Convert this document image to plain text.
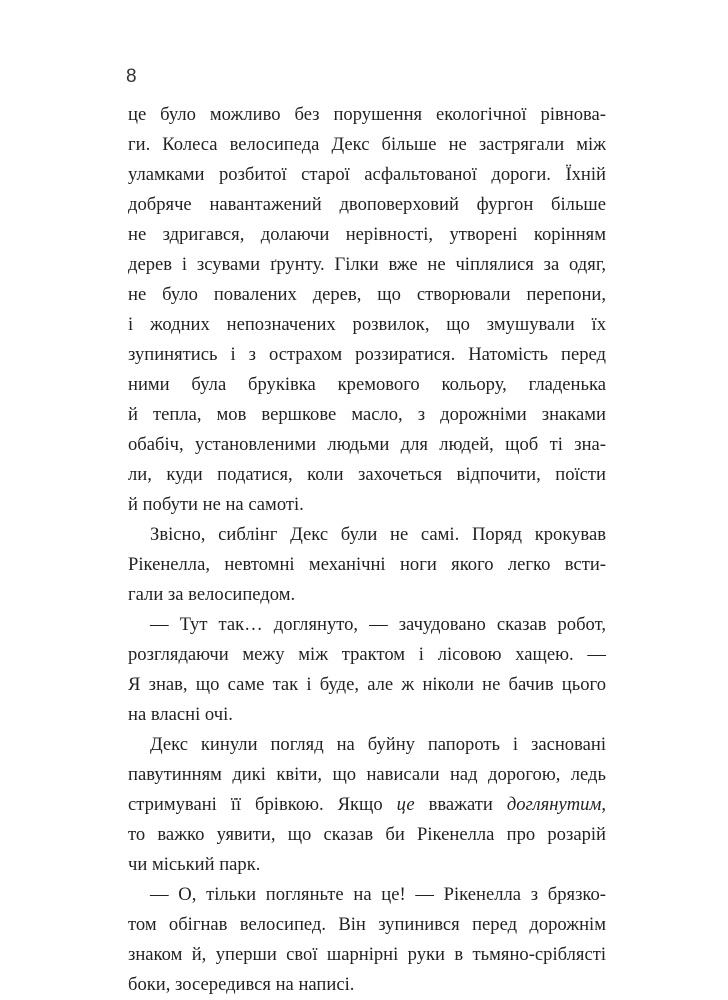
8
це було можливо без порушення екологічної рівнова-
ги. Колеса велосипеда Декс більше не застрягали між
уламками розбитої старої асфальтованої дороги. Їхній
добряче навантажений двоповерховий фургон більше
не здригався, долаючи нерівності, утворені корінням
дерев і зсувами ґрунту. Гілки вже не чіплялися за одяг,
не було повалених дерев, що створювали перепони,
і жодних непозначених розвилок, що змушували їх
зупинятись і з острахом роззиратися. Натомість перед
ними була бруківка кремового кольору, гладенька
й тепла, мов вершкове масло, з дорожніми знаками
обабіч, установленими людьми для людей, щоб ті зна-
ли, куди податися, коли захочеться відпочити, поїсти
й побути не на самоті.
Звісно, сиблінг Декс були не самі. Поряд крокував
Рікенелла, невтомні механічні ноги якого легко всти-
гали за велосипедом.
— Тут так… доглянуто, — зачудовано сказав робот,
розглядаючи межу між трактом і лісовою хащею. —
Я знав, що саме так і буде, але ж ніколи не бачив цього
на власні очі.
Декс кинули погляд на буйну папороть і засновані
павутинням дикі квіти, що нависали над дорогою, ледь
стримувані її брівкою. Якщо це вважати доглянутим,
то важко уявити, що сказав би Рікенелла про розарій
чи міський парк.
— О, тільки погляньте на це! — Рікенелла з брязко-
том обігнав велосипед. Він зупинився перед дорожнім
знаком й, уперши свої шарнірні руки в тьмяно-сріблясті
боки, зосередився на написі.
